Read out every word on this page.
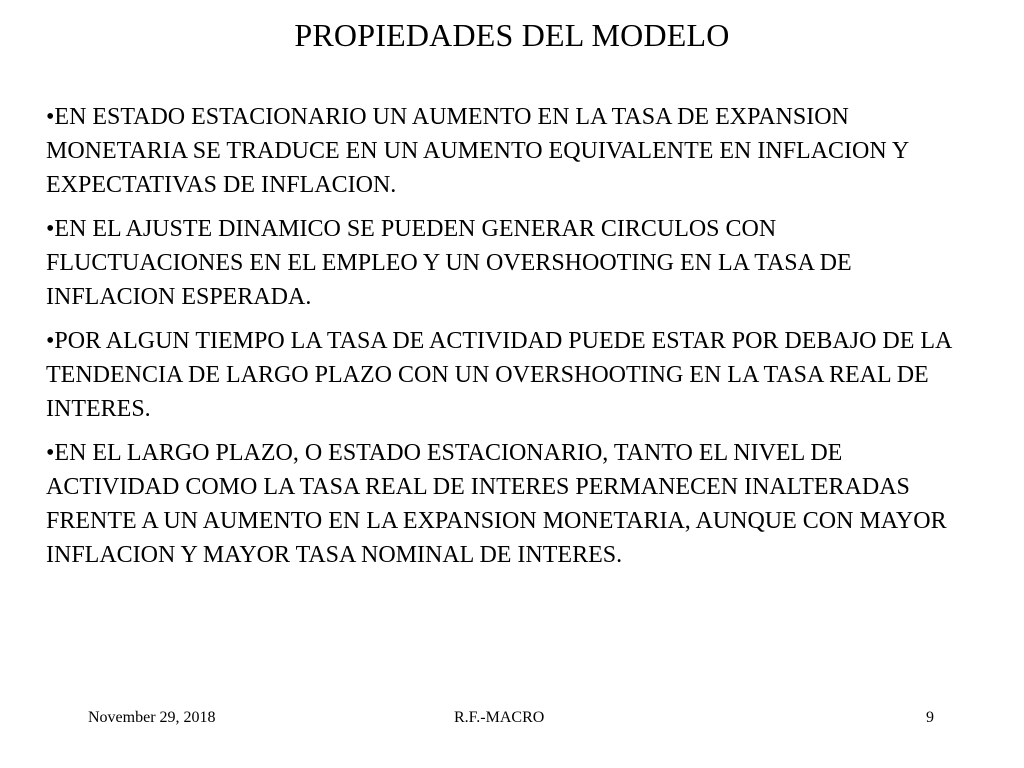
PROPIEDADES DEL MODELO
•EN ESTADO ESTACIONARIO UN AUMENTO EN LA TASA DE EXPANSION MONETARIA SE TRADUCE EN UN AUMENTO EQUIVALENTE EN INFLACION Y EXPECTATIVAS DE INFLACION.
•EN EL AJUSTE DINAMICO SE PUEDEN GENERAR CIRCULOS CON FLUCTUACIONES EN EL EMPLEO Y UN OVERSHOOTING EN LA TASA DE INFLACION ESPERADA.
•POR ALGUN TIEMPO LA TASA DE ACTIVIDAD PUEDE ESTAR POR DEBAJO DE LA TENDENCIA DE LARGO PLAZO CON UN OVERSHOOTING EN LA TASA REAL DE INTERES.
•EN EL LARGO PLAZO, O ESTADO ESTACIONARIO, TANTO EL NIVEL DE ACTIVIDAD COMO LA TASA REAL DE INTERES PERMANECEN INALTERADAS FRENTE A UN AUMENTO EN LA EXPANSION MONETARIA, AUNQUE CON MAYOR INFLACION Y MAYOR TASA NOMINAL DE INTERES.
November 29, 2018	R.F.-MACRO	9
